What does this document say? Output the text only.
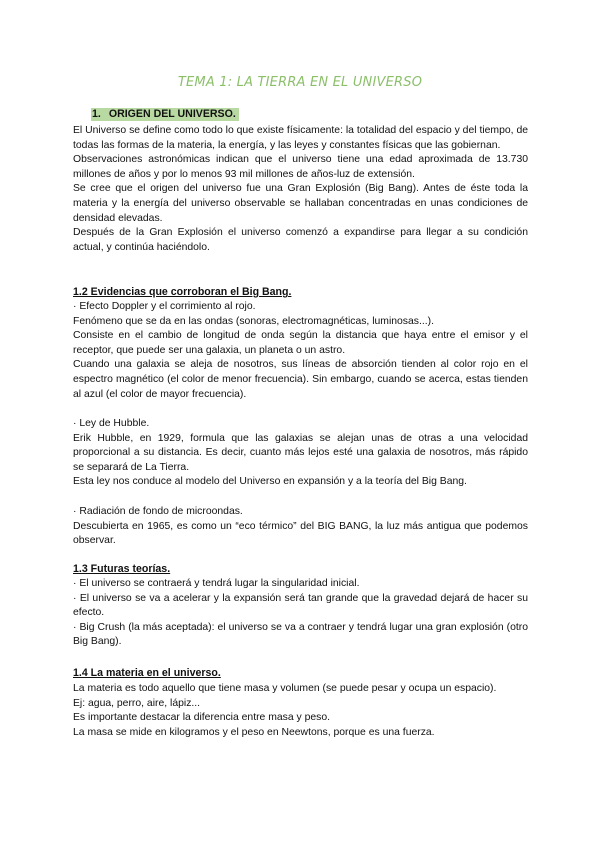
TEMA 1: LA TIERRA EN EL UNIVERSO
1. ORIGEN DEL UNIVERSO.

El Universo se define como todo lo que existe físicamente: la totalidad del espacio y del tiempo, de todas las formas de la materia, la energía, y las leyes y constantes físicas que las gobiernan.

Observaciones astronómicas indican que el universo tiene una edad aproximada de 13.730 millones de años y por lo menos 93 mil millones de años-luz de extensión.

Se cree que el origen del universo fue una Gran Explosión (Big Bang). Antes de éste toda la materia y la energía del universo observable se hallaban concentradas en unas condiciones de densidad elevadas.

Después de la Gran Explosión el universo comenzó a expandirse para llegar a su condición actual, y continúa haciéndolo.

1.2 Evidencias que corroboran el Big Bang.

· Efecto Doppler y el corrimiento al rojo.

Fenómeno que se da en las ondas (sonoras, electromagnéticas, luminosas...).

Consiste en el cambio de longitud de onda según la distancia que haya entre el emisor y el receptor, que puede ser una galaxia, un planeta o un astro.

Cuando una galaxia se aleja de nosotros, sus líneas de absorción tienden al color rojo en el espectro magnético (el color de menor frecuencia). Sin embargo, cuando se acerca, estas tienden al azul (el color de mayor frecuencia).

· Ley de Hubble.

Erik Hubble, en 1929, formula que las galaxias se alejan unas de otras a una velocidad proporcional a su distancia. Es decir, cuanto más lejos esté una galaxia de nosotros, más rápido se separará de La Tierra.

Esta ley nos conduce al modelo del Universo en expansión y a la teoría del Big Bang.

· Radiación de fondo de microondas.

Descubierta en 1965, es como un “eco térmico” del BIG BANG, la luz más antigua que podemos observar.

1.3 Futuras teorías.

· El universo se contraerá y tendrá lugar la singularidad inicial.

· El universo se va a acelerar y la expansión será tan grande que la gravedad dejará de hacer su efecto.

· Big Crush (la más aceptada): el universo se va a contraer y tendrá lugar una gran explosión (otro Big Bang).

1.4 La materia en el universo.

La materia es todo aquello que tiene masa y volumen (se puede pesar y ocupa un espacio).

Ej: agua, perro, aire, lápiz...

Es importante destacar la diferencia entre masa y peso.

La masa se mide en kilogramos y el peso en Neewtons, porque es una fuerza.
